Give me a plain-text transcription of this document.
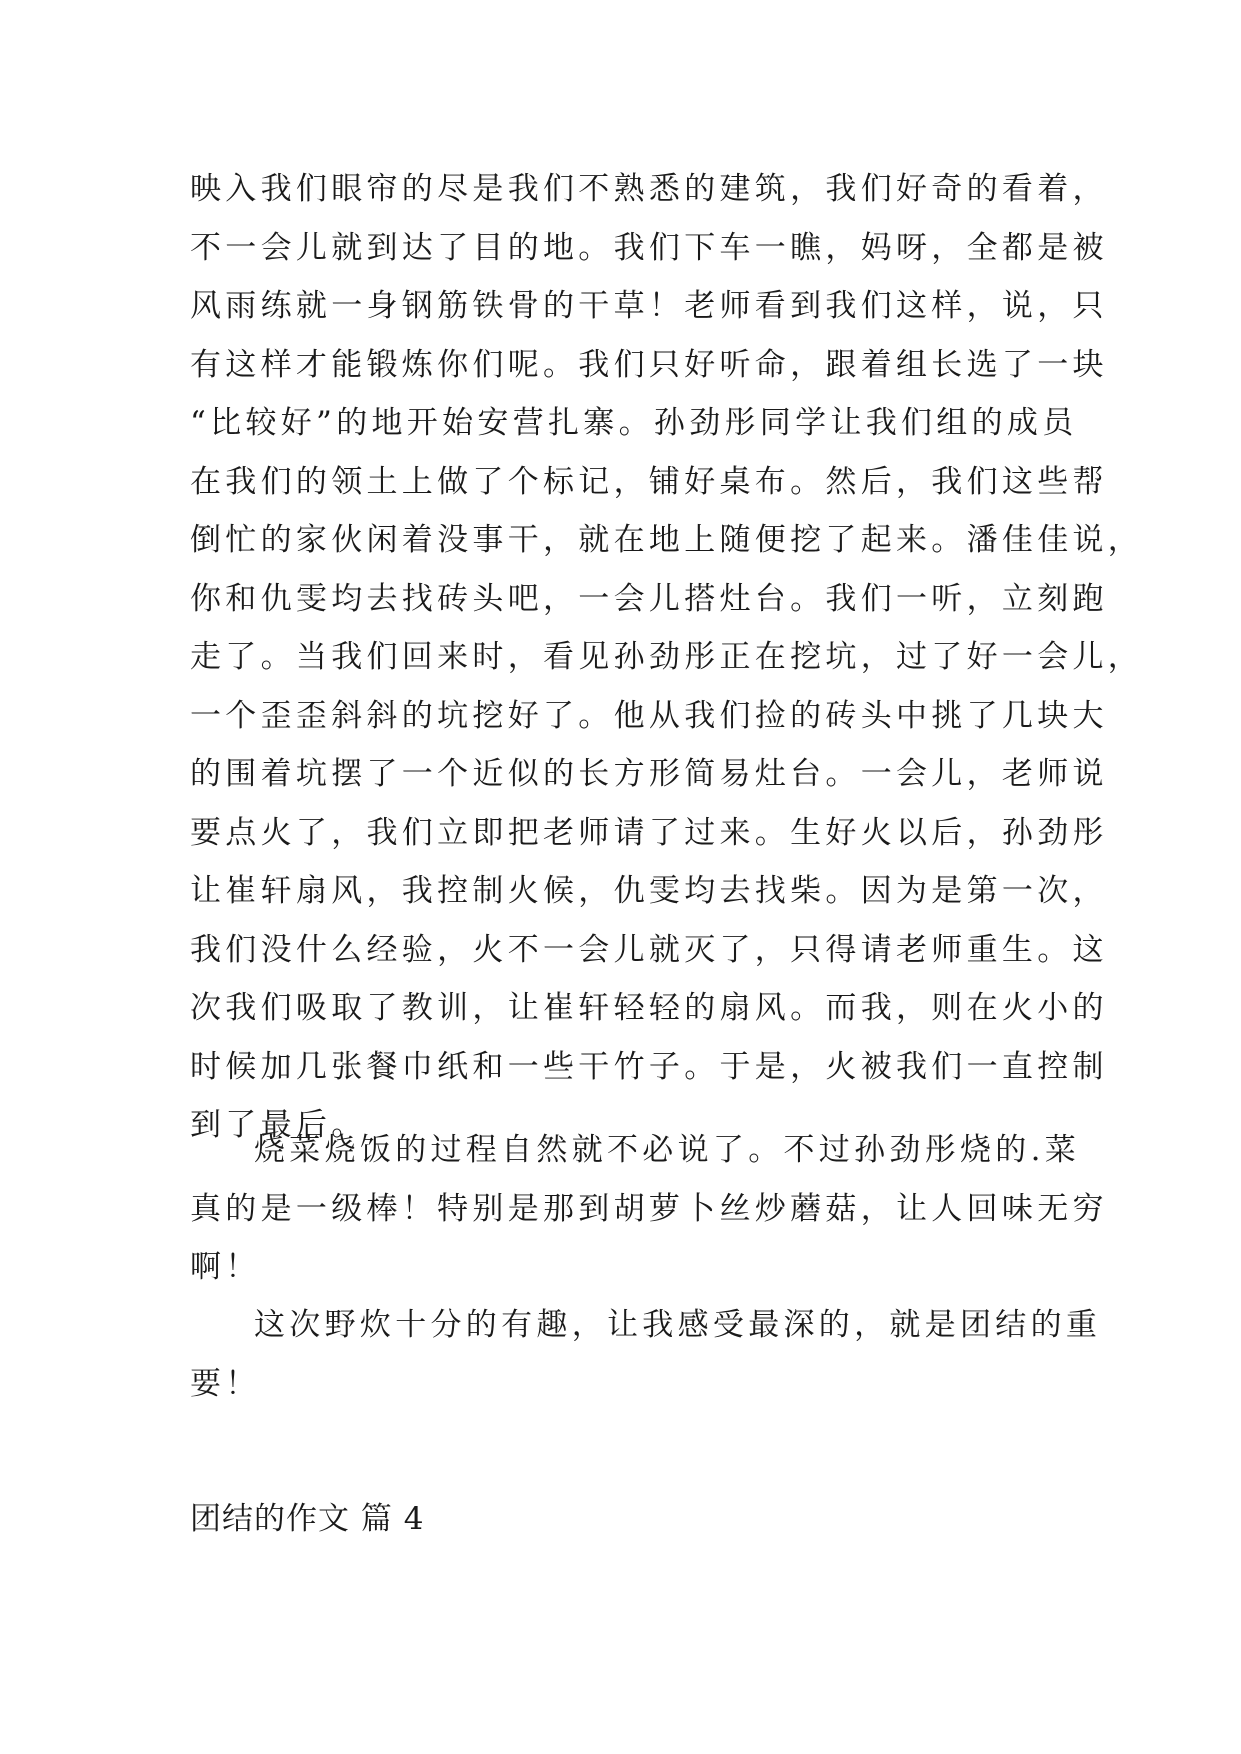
映入我们眼帘的尽是我们不熟悉的建筑，我们好奇的看着，
不一会儿就到达了目的地。我们下车一瞧，妈呀，全都是被
风雨练就一身钢筋铁骨的干草！老师看到我们这样，说，只
有这样才能锻炼你们呢。我们只好听命，跟着组长选了一块
“比较好”的地开始安营扎寨。孙劲彤同学让我们组的成员
在我们的领土上做了个标记，铺好桌布。然后，我们这些帮
倒忙的家伙闲着没事干，就在地上随便挖了起来。潘佳佳说，
你和仇雯均去找砖头吧，一会儿搭灶台。我们一听，立刻跑
走了。当我们回来时，看见孙劲彤正在挖坑，过了好一会儿，
一个歪歪斜斜的坑挖好了。他从我们捡的砖头中挑了几块大
的围着坑摆了一个近似的长方形简易灶台。一会儿，老师说
要点火了，我们立即把老师请了过来。生好火以后，孙劲彤
让崔轩扇风，我控制火候，仇雯均去找柴。因为是第一次，
我们没什么经验，火不一会儿就灭了，只得请老师重生。这
次我们吸取了教训，让崔轩轻轻的扇风。而我，则在火小的
时候加几张餐巾纸和一些干竹子。于是，火被我们一直控制
到了最后。
烧菜烧饭的过程自然就不必说了。不过孙劲彤烧的.菜
真的是一级棒！特别是那到胡萝卜丝炒蘑菇，让人回味无穷
啊！
这次野炊十分的有趣，让我感受最深的，就是团结的重
要！
团结的作文 篇 4
